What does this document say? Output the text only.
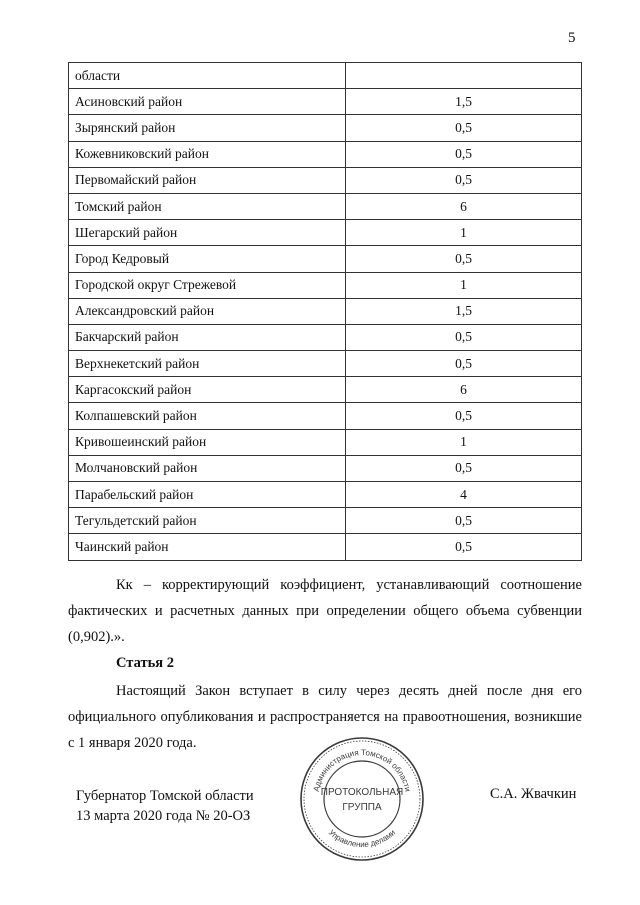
5
области	
Асиновский район	1,5
Зырянский район	0,5
Кожевниковский район	0,5
Первомайский район	0,5
Томский район	6
Шегарский район	1
Город Кедровый	0,5
Городской округ Стрежевой	1
Александровский район	1,5
Бакчарский район	0,5
Верхнекетский район	0,5
Каргасокский район	6
Колпашевский район	0,5
Кривошеинский район	1
Молчановский район	0,5
Парабельский район	4
Тегульдетский район	0,5
Чаинский район	0,5

Кк – корректирующий коэффициент, устанавливающий соотношение фактических и расчетных данных при определении общего объема субвенции (0,902).».

Статья 2

Настоящий Закон вступает в силу через десять дней после дня его официального опубликования и распространяется на правоотношения, возникшие с 1 января 2020 года.

Губернатор Томской области
13 марта 2020 года № 20-ОЗ
С.А. Жвачкин
Администрация Томской области
Управление делами
ПРОТОКОЛЬНАЯ
ГРУППА
